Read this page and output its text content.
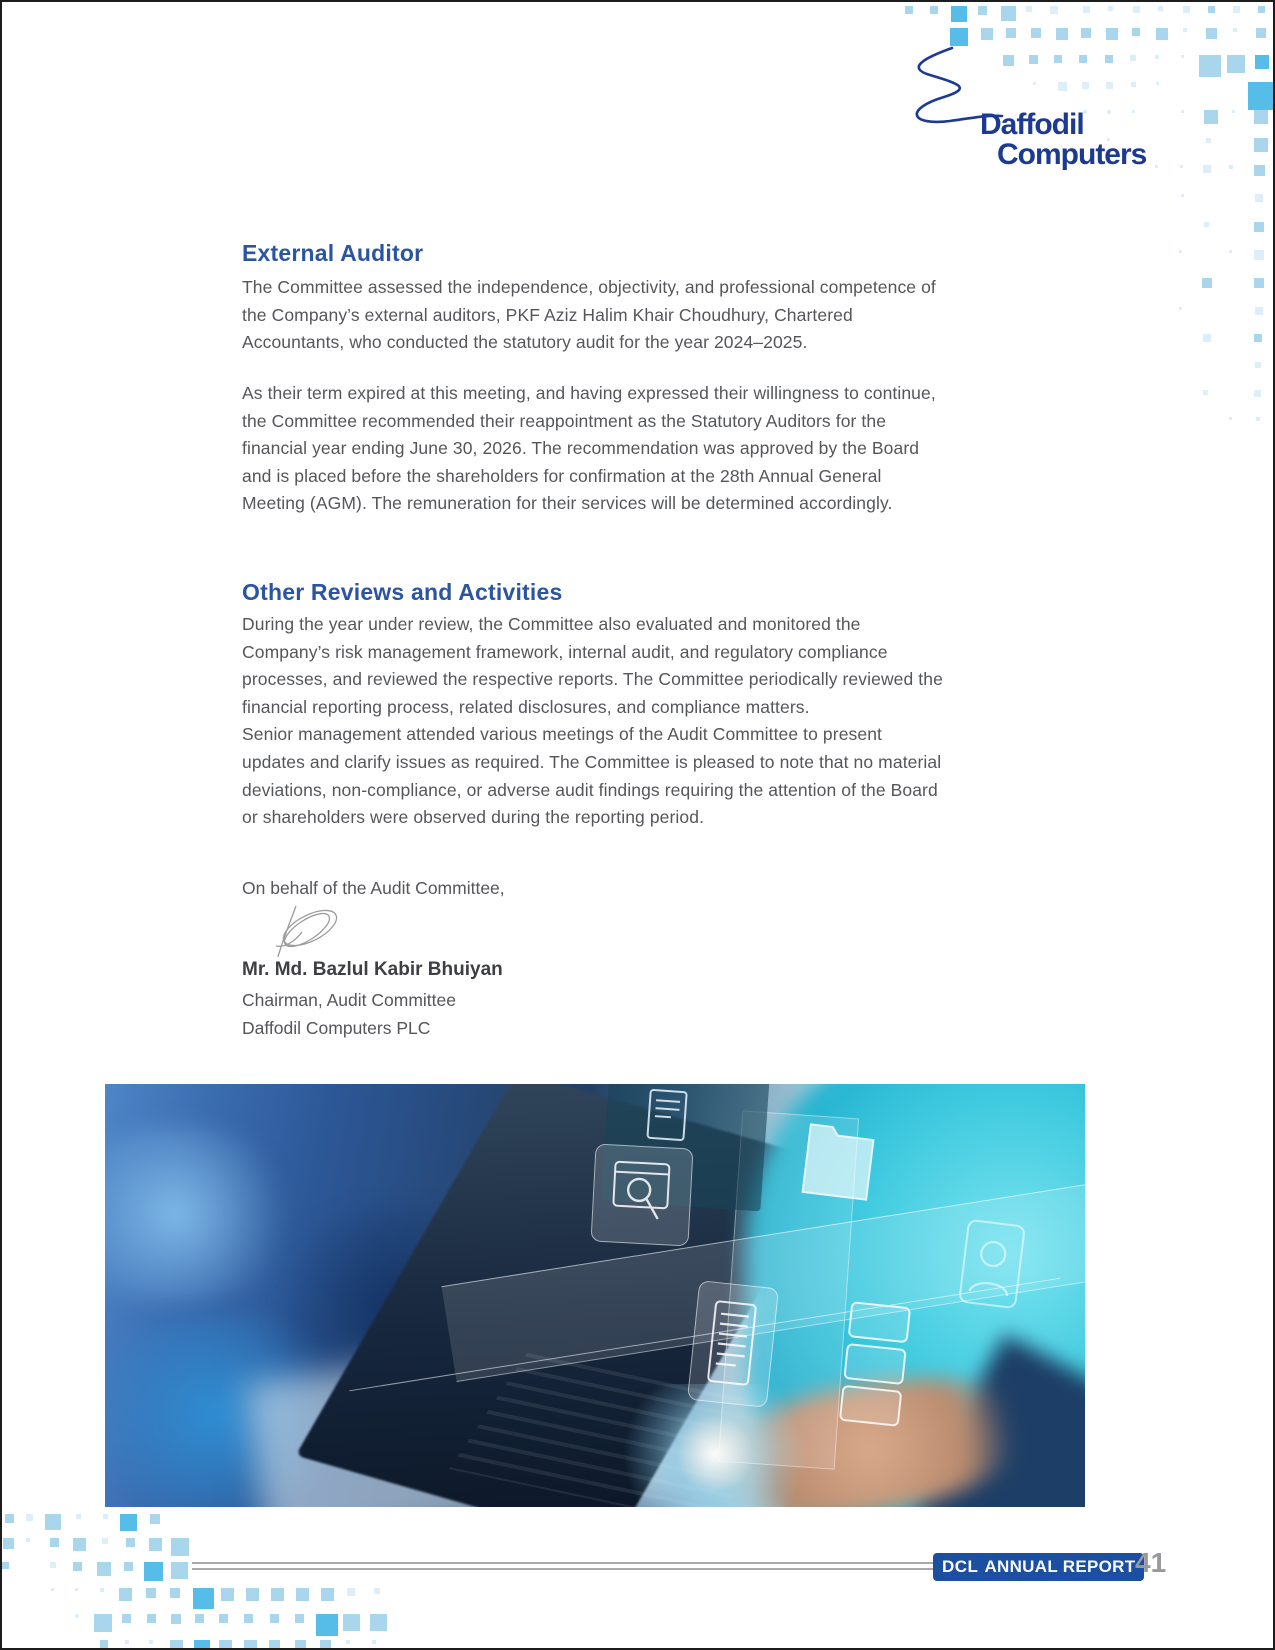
Daffodil
Computers
External Auditor
The Committee assessed the independence, objectivity, and professional competence of
the Company’s external auditors, PKF Aziz Halim Khair Choudhury, Chartered
Accountants, who conducted the statutory audit for the year 2024–2025.
As their term expired at this meeting, and having expressed their willingness to continue,
the Committee recommended their reappointment as the Statutory Auditors for the
financial year ending June 30, 2026. The recommendation was approved by the Board
and is placed before the shareholders for confirmation at the 28th Annual General
Meeting (AGM). The remuneration for their services will be determined accordingly.
Other Reviews and Activities
During the year under review, the Committee also evaluated and monitored the
Company’s risk management framework, internal audit, and regulatory compliance
processes, and reviewed the respective reports. The Committee periodically reviewed the
financial reporting process, related disclosures, and compliance matters.
Senior management attended various meetings of the Audit Committee to present
updates and clarify issues as required. The Committee is pleased to note that no material
deviations, non-compliance, or adverse audit findings requiring the attention of the Board
or shareholders were observed during the reporting period.
On behalf of the Audit Committee,
Mr. Md. Bazlul Kabir Bhuiyan
Chairman, Audit Committee
Daffodil Computers PLC
DCL ANNUAL REPORT 41
